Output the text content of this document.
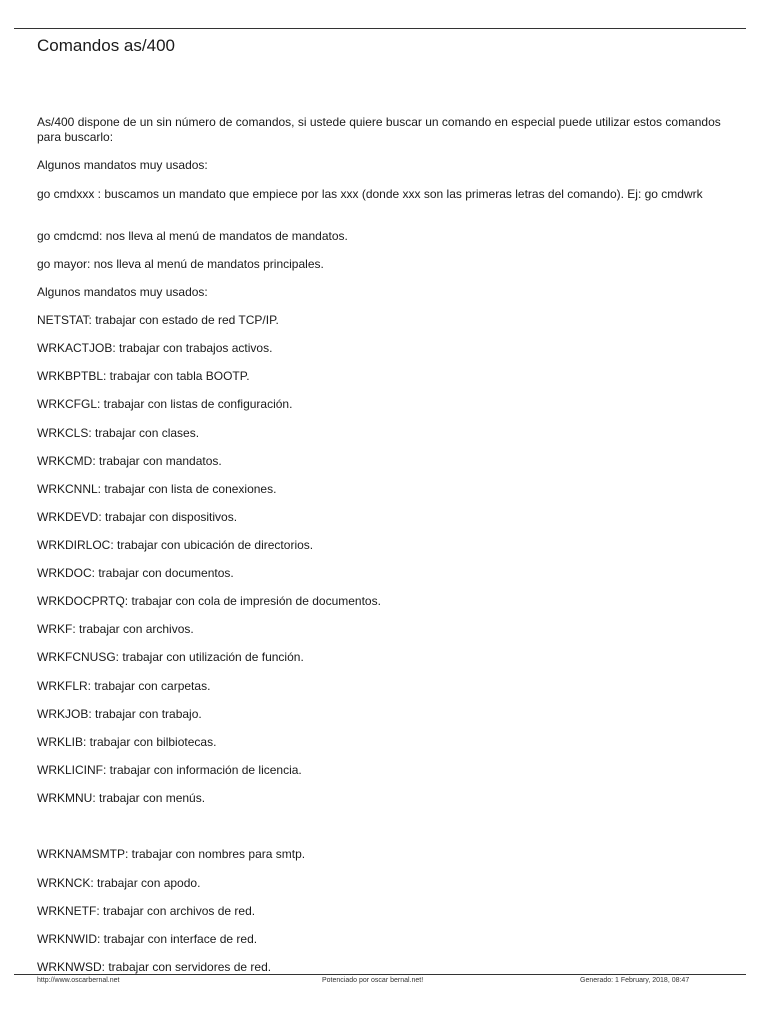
Comandos as/400

As/400 dispone de un sin número de comandos, si ustede quiere buscar un comando en especial puede utilizar estos comandos para buscarlo:

Algunos mandatos muy usados:

go cmdxxx : buscamos un mandato que empiece por las xxx (donde xxx son las primeras letras del comando). Ej: go cmdwrk

go cmdcmd: nos lleva al menú de mandatos de mandatos.

go mayor: nos lleva al menú de mandatos principales.

Algunos mandatos muy usados:

NETSTAT: trabajar con estado de red TCP/IP.

WRKACTJOB: trabajar con trabajos activos.

WRKBPTBL: trabajar con tabla BOOTP.

WRKCFGL: trabajar con listas de configuración.

WRKCLS: trabajar con clases.

WRKCMD: trabajar con mandatos.

WRKCNNL: trabajar con lista de conexiones.

WRKDEVD: trabajar con dispositivos.

WRKDIRLOC: trabajar con ubicación de directorios.

WRKDOC: trabajar con documentos.

WRKDOCPRTQ: trabajar con cola de impresión de documentos.

WRKF: trabajar con archivos.

WRKFCNUSG: trabajar con utilización de función.

WRKFLR: trabajar con carpetas.

WRKJOB: trabajar con trabajo.

WRKLIB: trabajar con bilbiotecas.

WRKLICINF: trabajar con información de licencia.

WRKMNU: trabajar con menús.

WRKNAMSMTP: trabajar con nombres para smtp.

WRKNCK: trabajar con apodo.

WRKNETF: trabajar con archivos de red.

WRKNWID: trabajar con interface de red.

WRKNWSD: trabajar con servidores de red.

http://www.oscarbernal.net	Potenciado por oscar bernal.net!	Generado: 1 February, 2018, 08:47
